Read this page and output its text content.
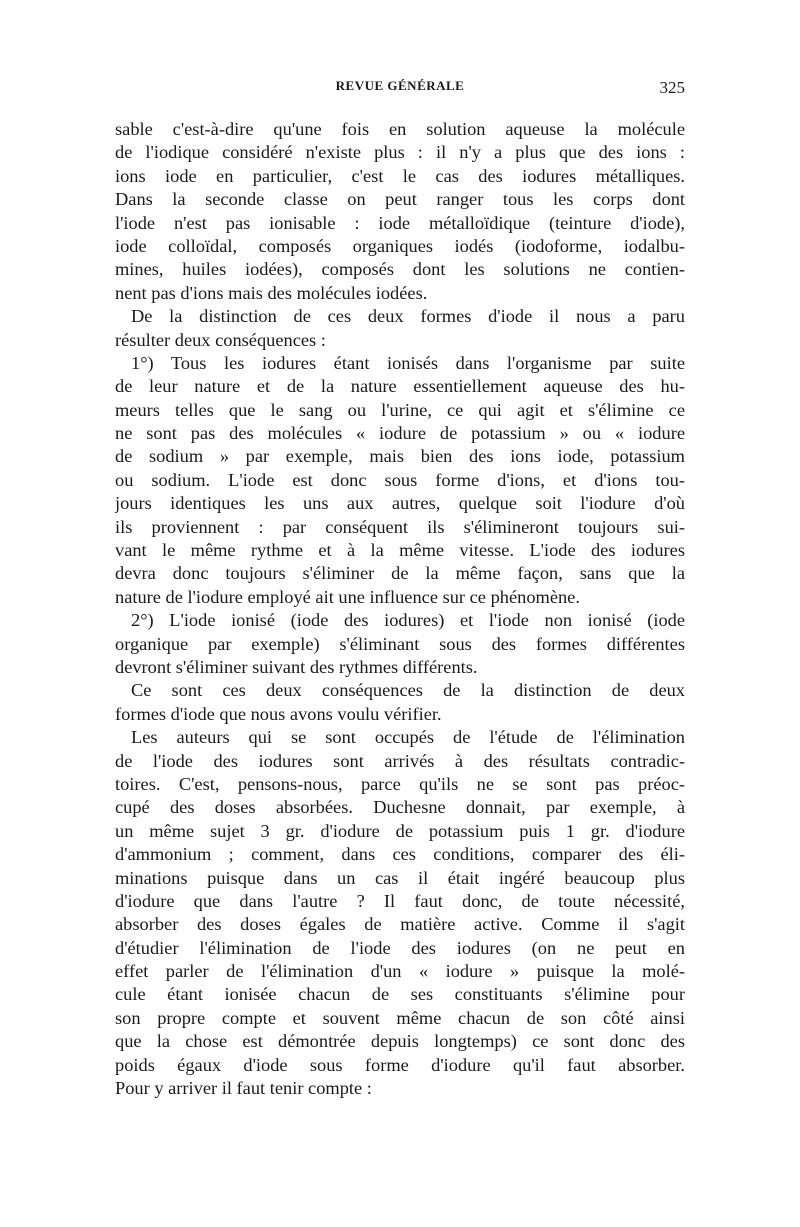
REVUE GÉNÉRALE	325
sable c'est-à-dire qu'une fois en solution aqueuse la molécule
de l'iodique considéré n'existe plus : il n'y a plus que des ions :
ions iode en particulier, c'est le cas des iodures métalliques.
Dans la seconde classe on peut ranger tous les corps dont
l'iode n'est pas ionisable : iode métalloïdique (teinture d'iode),
iode colloïdal, composés organiques iodés (iodoforme, iodalbu-
mines, huiles iodées), composés dont les solutions ne contien-
nent pas d'ions mais des molécules iodées.
De la distinction de ces deux formes d'iode il nous a paru
résulter deux conséquences :
1°) Tous les iodures étant ionisés dans l'organisme par suite
de leur nature et de la nature essentiellement aqueuse des hu-
meurs telles que le sang ou l'urine, ce qui agit et s'élimine ce
ne sont pas des molécules « iodure de potassium » ou « iodure
de sodium » par exemple, mais bien des ions iode, potassium
ou sodium. L'iode est donc sous forme d'ions, et d'ions tou-
jours identiques les uns aux autres, quelque soit l'iodure d'où
ils proviennent : par conséquent ils s'élimineront toujours sui-
vant le même rythme et à la même vitesse. L'iode des iodures
devra donc toujours s'éliminer de la même façon, sans que la
nature de l'iodure employé ait une influence sur ce phénomène.
2°) L'iode ionisé (iode des iodures) et l'iode non ionisé (iode
organique par exemple) s'éliminant sous des formes différentes
devront s'éliminer suivant des rythmes différents.
Ce sont ces deux conséquences de la distinction de deux
formes d'iode que nous avons voulu vérifier.
Les auteurs qui se sont occupés de l'étude de l'élimination
de l'iode des iodures sont arrivés à des résultats contradic-
toires. C'est, pensons-nous, parce qu'ils ne se sont pas préoc-
cupé des doses absorbées. Duchesne donnait, par exemple, à
un même sujet 3 gr. d'iodure de potassium puis 1 gr. d'iodure
d'ammonium ; comment, dans ces conditions, comparer des éli-
minations puisque dans un cas il était ingéré beaucoup plus
d'iodure que dans l'autre ? Il faut donc, de toute nécessité,
absorber des doses égales de matière active. Comme il s'agit
d'étudier l'élimination de l'iode des iodures (on ne peut en
effet parler de l'élimination d'un « iodure » puisque la molé-
cule étant ionisée chacun de ses constituants s'élimine pour
son propre compte et souvent même chacun de son côté ainsi
que la chose est démontrée depuis longtemps) ce sont donc des
poids égaux d'iode sous forme d'iodure qu'il faut absorber.
Pour y arriver il faut tenir compte :
